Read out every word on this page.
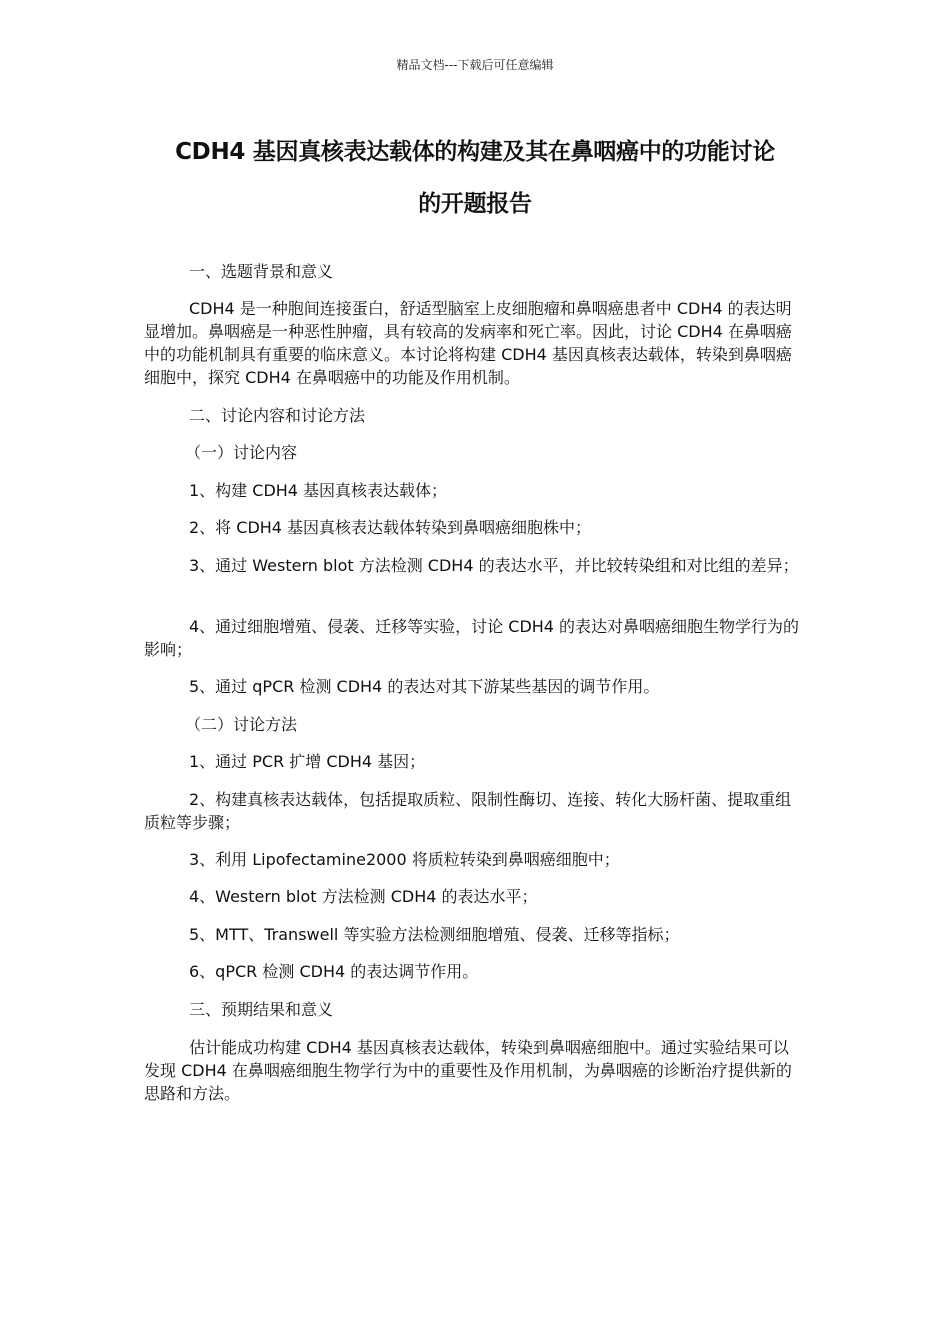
精品文档---下载后可任意编辑
CDH4 基因真核表达载体的构建及其在鼻咽癌中的功能讨论
的开题报告

一、选题背景和意义

CDH4 是一种胞间连接蛋白，舒适型脑室上皮细胞瘤和鼻咽癌患者中 CDH4 的表达明显增加。鼻咽癌是一种恶性肿瘤，具有较高的发病率和死亡率。因此，讨论 CDH4 在鼻咽癌中的功能机制具有重要的临床意义。本讨论将构建 CDH4 基因真核表达载体，转染到鼻咽癌细胞中，探究 CDH4 在鼻咽癌中的功能及作用机制。

二、讨论内容和讨论方法

（一）讨论内容

1、构建 CDH4 基因真核表达载体；

2、将 CDH4 基因真核表达载体转染到鼻咽癌细胞株中；

3、通过 Western blot 方法检测 CDH4 的表达水平，并比较转染组和对比组的差异；

4、通过细胞增殖、侵袭、迁移等实验，讨论 CDH4 的表达对鼻咽癌细胞生物学行为的影响；

5、通过 qPCR 检测 CDH4 的表达对其下游某些基因的调节作用。

（二）讨论方法

1、通过 PCR 扩增 CDH4 基因；

2、构建真核表达载体，包括提取质粒、限制性酶切、连接、转化大肠杆菌、提取重组质粒等步骤；

3、利用 Lipofectamine2000 将质粒转染到鼻咽癌细胞中；

4、Western blot 方法检测 CDH4 的表达水平；

5、MTT、Transwell 等实验方法检测细胞增殖、侵袭、迁移等指标；

6、qPCR 检测 CDH4 的表达调节作用。

三、预期结果和意义

估计能成功构建 CDH4 基因真核表达载体，转染到鼻咽癌细胞中。通过实验结果可以发现 CDH4 在鼻咽癌细胞生物学行为中的重要性及作用机制，为鼻咽癌的诊断治疗提供新的思路和方法。
